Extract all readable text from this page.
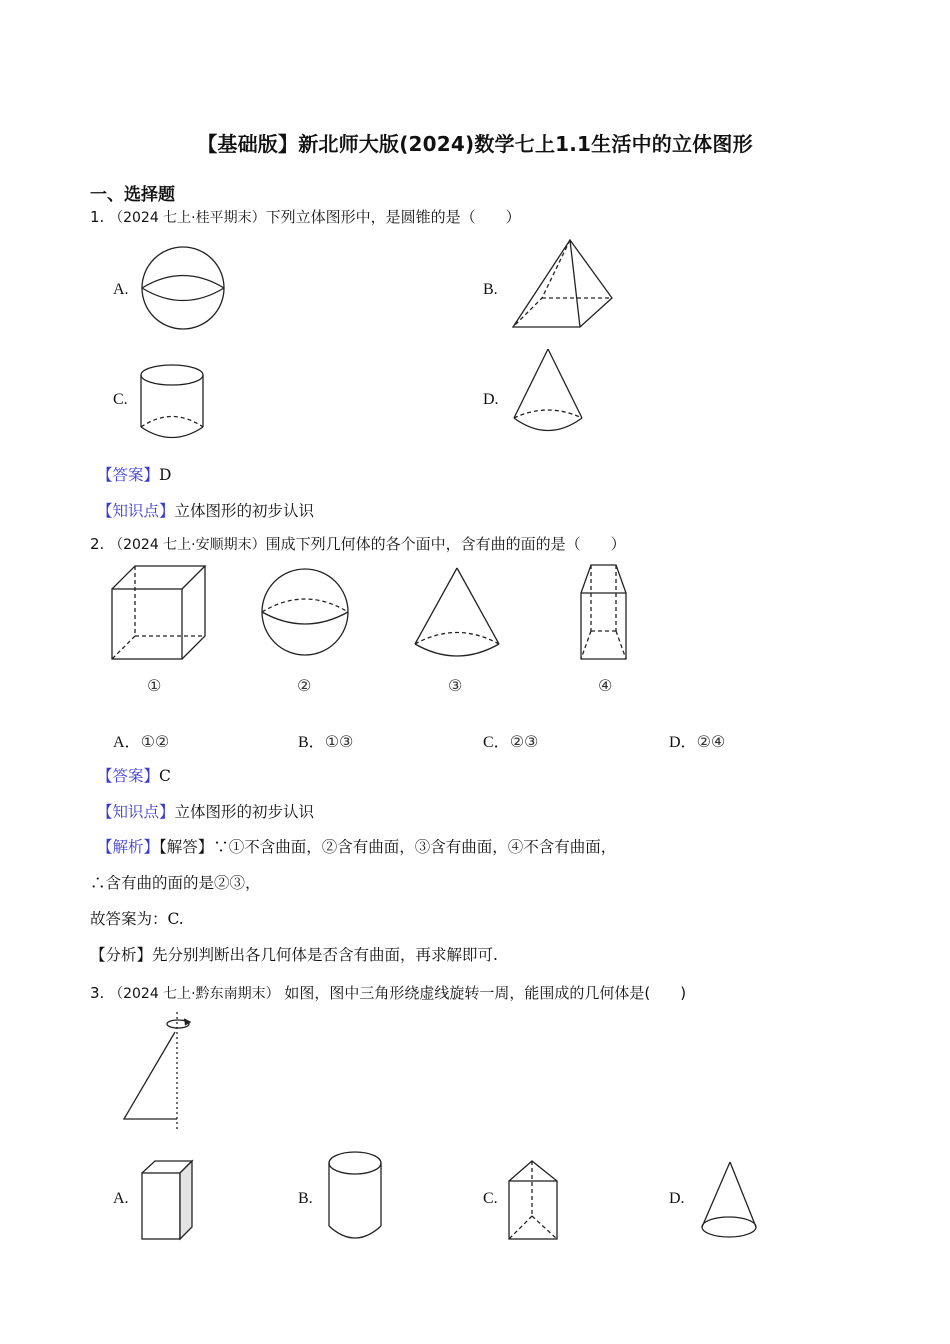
【基础版】新北师大版(2024)数学七上1.1生活中的立体图形
一、选择题
1. （2024 七上·桂平期末）下列立体图形中，是圆锥的是（　　）
A.	B.
C.	D.
【答案】D
【知识点】立体图形的初步认识
2. （2024 七上·安顺期末）围成下列几何体的各个面中，含有曲的面的是（　　）
①	②	③	④
A．①②	B．①③	C．②③	D．②④
【答案】C
【知识点】立体图形的初步认识
【解析】【解答】∵①不含曲面，②含有曲面，③含有曲面，④不含有曲面，
∴含有曲的面的是②③，
故答案为：C.
【分析】先分别判断出各几何体是否含有曲面，再求解即可.
3. （2024 七上·黔东南期末） 如图，图中三角形绕虚线旋转一周，能围成的几何体是(　　)
A.	B.	C.	D.
